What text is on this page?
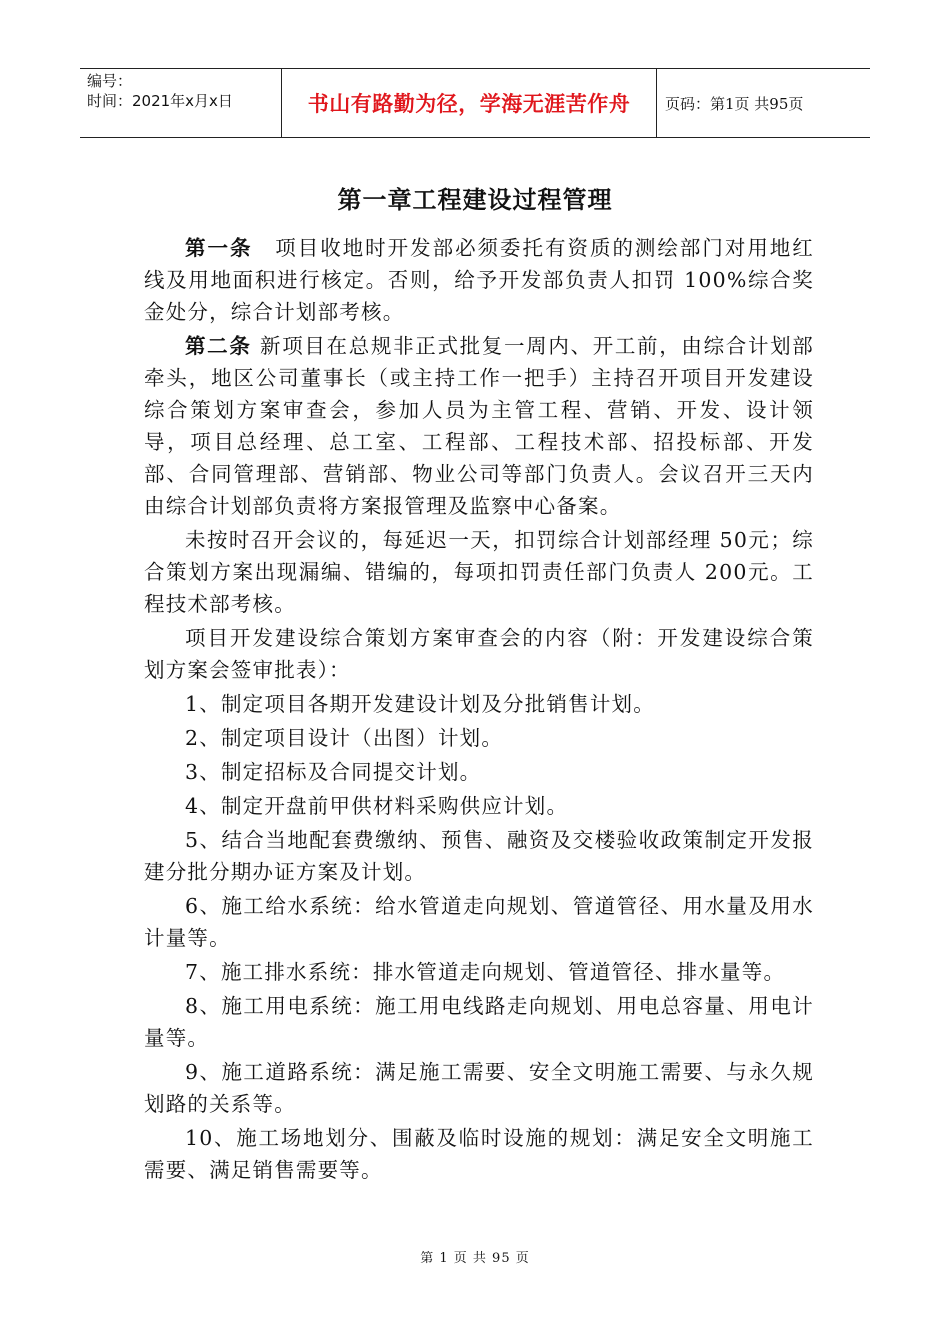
编号：
时间：2021年x月x日	书山有路勤为径，学海无涯苦作舟 页码：第1页 共95页
第一章工程建设过程管理

第一条 项目收地时开发部必须委托有资质的测绘部门对用地红线及用地面积进行核定。否则，给予开发部负责人扣罚 100%综合奖金处分，综合计划部考核。

第二条 新项目在总规非正式批复一周内、开工前，由综合计划部牵头，地区公司董事长（或主持工作一把手）主持召开项目开发建设综合策划方案审查会，参加人员为主管工程、营销、开发、设计领导，项目总经理、总工室、工程部、工程技术部、招投标部、开发部、合同管理部、营销部、物业公司等部门负责人。会议召开三天内由综合计划部负责将方案报管理及监察中心备案。

未按时召开会议的，每延迟一天，扣罚综合计划部经理 50元；综合策划方案出现漏编、错编的，每项扣罚责任部门负责人 200元。工程技术部考核。

项目开发建设综合策划方案审查会的内容（附：开发建设综合策划方案会签审批表）：

1、制定项目各期开发建设计划及分批销售计划。

2、制定项目设计（出图）计划。

3、制定招标及合同提交计划。

4、制定开盘前甲供材料采购供应计划。

5、结合当地配套费缴纳、预售、融资及交楼验收政策制定开发报建分批分期办证方案及计划。

6、施工给水系统：给水管道走向规划、管道管径、用水量及用水计量等。

7、施工排水系统：排水管道走向规划、管道管径、排水量等。

8、施工用电系统：施工用电线路走向规划、用电总容量、用电计量等。

9、施工道路系统：满足施工需要、安全文明施工需要、与永久规划路的关系等。

10、施工场地划分、围蔽及临时设施的规划：满足安全文明施工需要、满足销售需要等。

第 1 页 共 95 页
